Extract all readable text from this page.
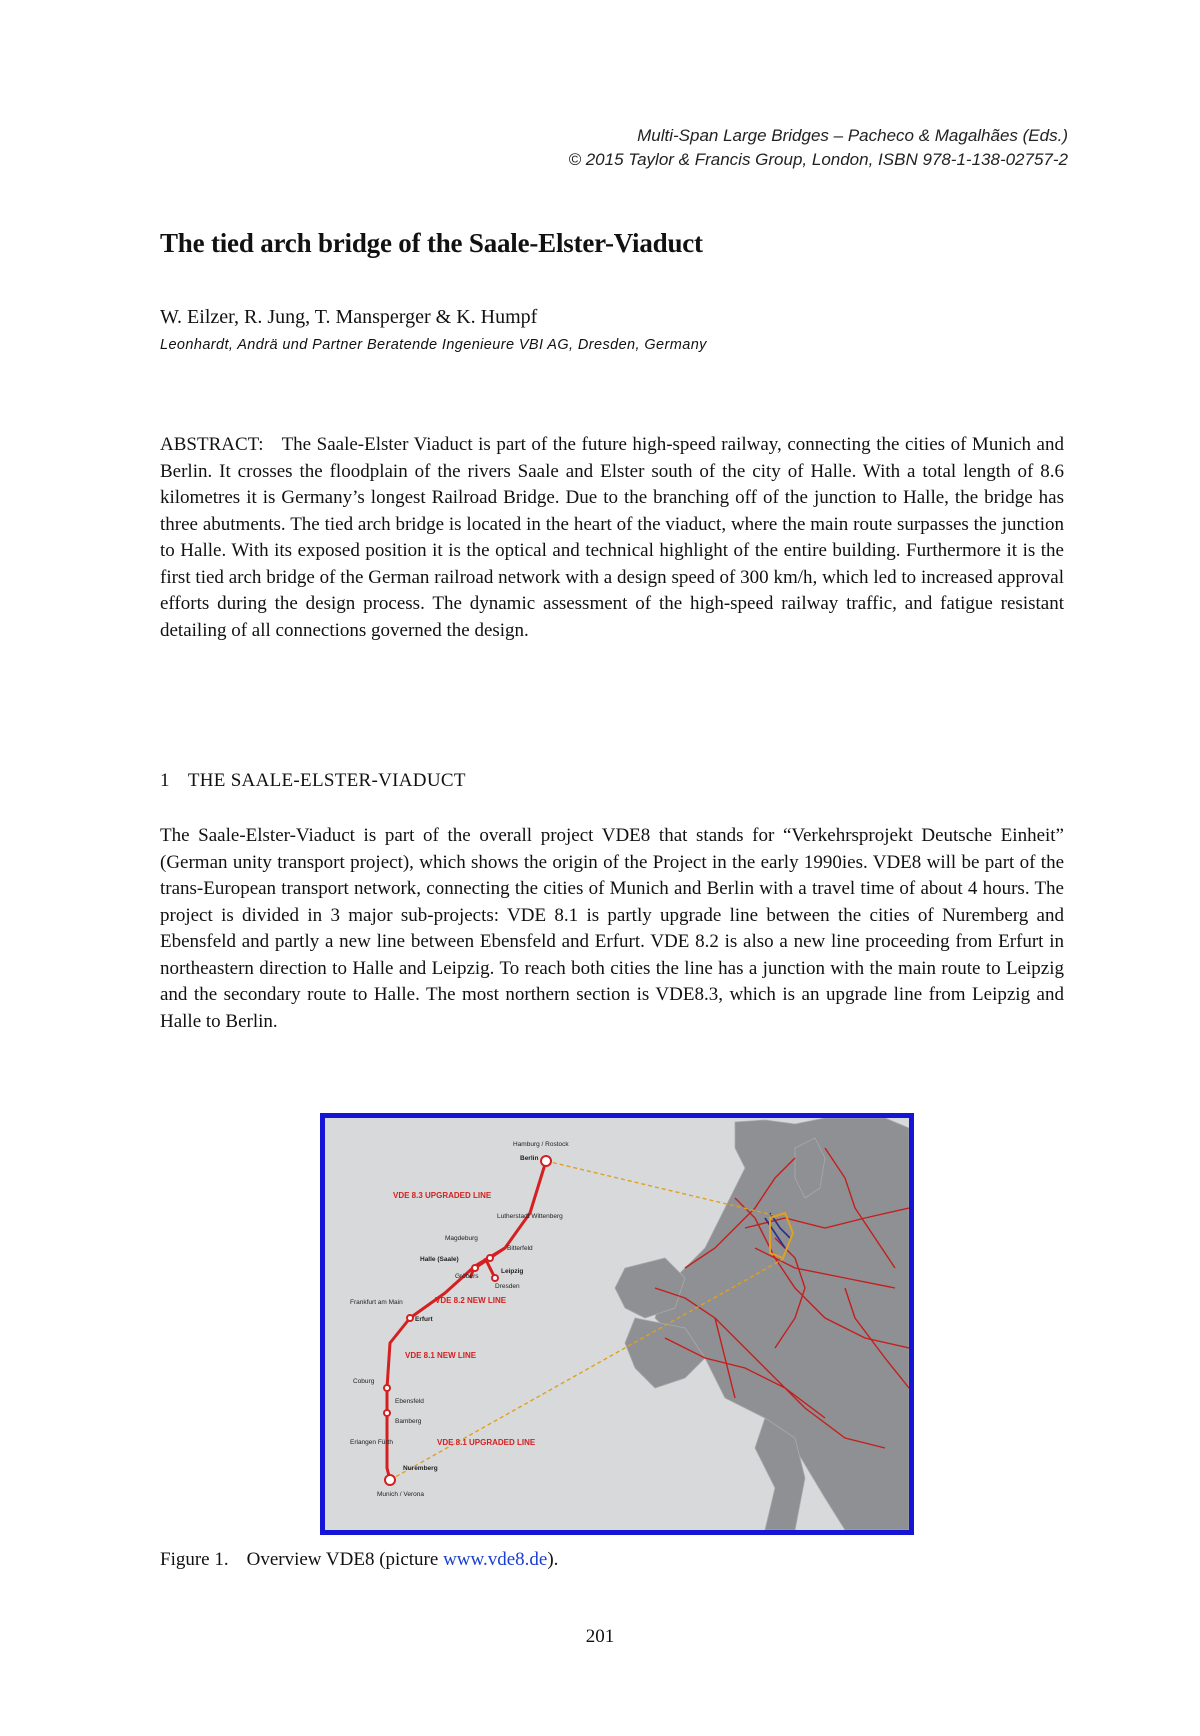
Multi-Span Large Bridges – Pacheco & Magalhães (Eds.)
© 2015 Taylor & Francis Group, London, ISBN 978-1-138-02757-2
The tied arch bridge of the Saale-Elster-Viaduct
W. Eilzer, R. Jung, T. Mansperger & K. Humpf
Leonhardt, Andrä und Partner Beratende Ingenieure VBI AG, Dresden, Germany

ABSTRACT: The Saale-Elster Viaduct is part of the future high-speed railway, connecting the cities of Munich and Berlin. It crosses the floodplain of the rivers Saale and Elster south of the city of Halle. With a total length of 8.6 kilometres it is Germany’s longest Railroad Bridge. Due to the branching off of the junction to Halle, the bridge has three abutments. The tied arch bridge is located in the heart of the viaduct, where the main route surpasses the junction to Halle. With its exposed position it is the optical and technical highlight of the entire building. Furthermore it is the first tied arch bridge of the German railroad network with a design speed of 300 km/h, which led to increased approval efforts during the design process. The dynamic assessment of the high-speed railway traffic, and fatigue resistant detailing of all connections governed the design.

1 THE SAALE-ELSTER-VIADUCT

The Saale-Elster-Viaduct is part of the overall project VDE8 that stands for “Verkehrsprojekt Deutsche Einheit” (German unity transport project), which shows the origin of the Project in the early 1990ies. VDE8 will be part of the trans-European transport network, connecting the cities of Munich and Berlin with a travel time of about 4 hours. The project is divided in 3 major sub-projects: VDE 8.1 is partly upgrade line between the cities of Nuremberg and Ebensfeld and partly a new line between Ebensfeld and Erfurt. VDE 8.2 is also a new line proceeding from Erfurt in northeastern direction to Halle and Leipzig. To reach both cities the line has a junction with the main route to Leipzig and the secondary route to Halle. The most northern section is VDE8.3, which is an upgrade line from Leipzig and Halle to Berlin.

Hamburg / Rostock
Berlin
Lutherstadt Wittenberg
Magdeburg
Bitterfeld
Halle (Saale)
Leipzig
Gröbers
Dresden
Frankfurt am Main
Erfurt
Coburg
Ebensfeld
Bamberg
Erlangen Fürth
Nuremberg
Munich / Verona
VDE 8.3 UPGRADED LINE
VDE 8.2 NEW LINE
VDE 8.1 NEW LINE
VDE 8.1 UPGRADED LINE
Figure 1. Overview VDE8 (picture www.vde8.de).
201
